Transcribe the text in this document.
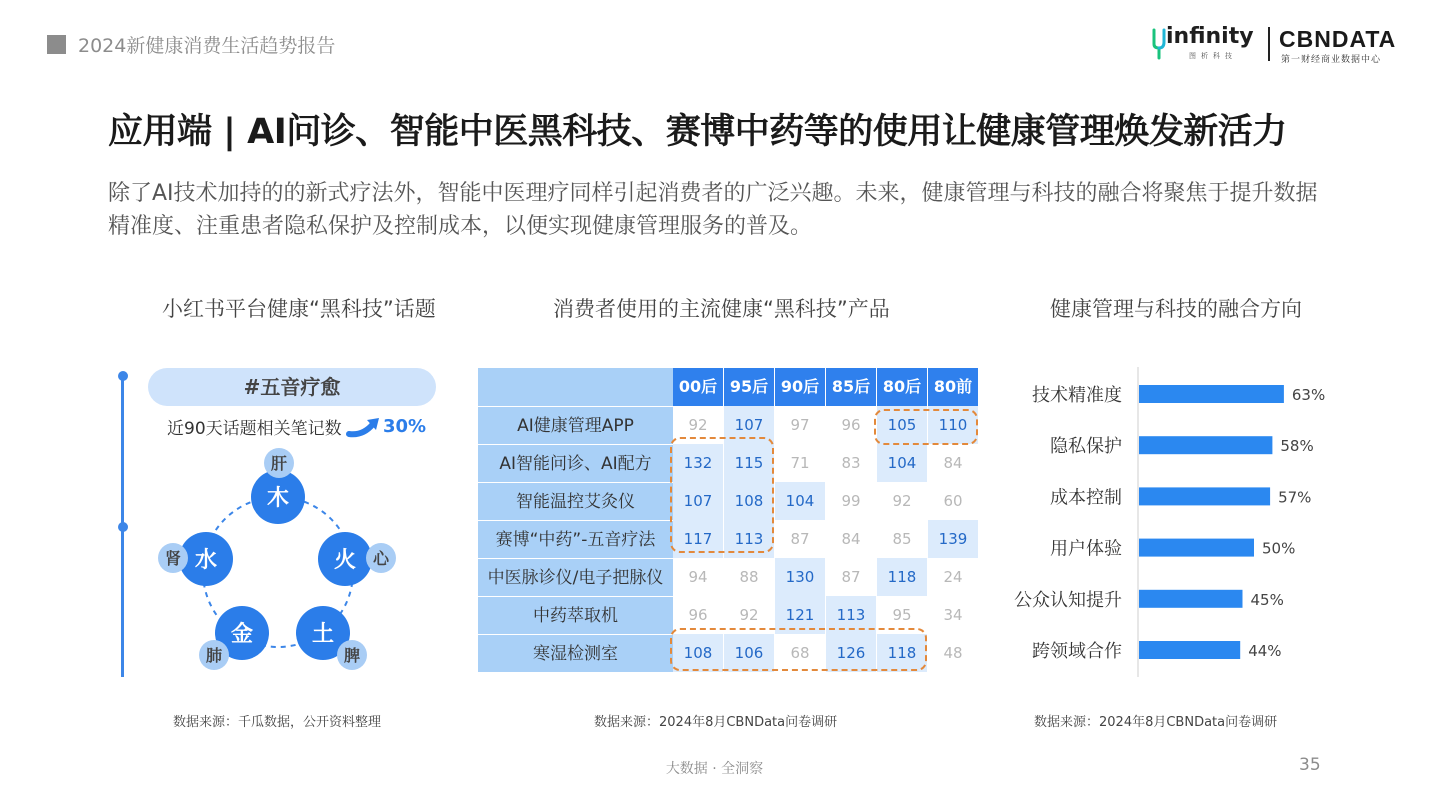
2024新健康消费生活趋势报告	infinity
图析科技
CBNDATA
第一财经商业数据中心
应用端 | AI问诊、智能中医黑科技、赛博中药等的使用让健康管理焕发新活力
除了AI技术加持的的新式疗法外，智能中医理疗同样引起消费者的广泛兴趣。未来，健康管理与科技的融合将聚焦于提升数据精准度、注重患者隐私保护及控制成本，以便实现健康管理服务的普及。
小红书平台健康“黑科技”话题	消费者使用的主流健康“黑科技”产品	健康管理与科技的融合方向
#五音疗愈
近90天话题相关笔记数 30%
木
肝
火 心
土
脾
金
肺
水
肾
00后 95后 90后 85后 80后 80前
AI健康管理APP	92	107	97	96	105	110
AI智能问诊、AI配方	132	115	71	83	104	84
智能温控艾灸仪	107	108	104	99	92	60
赛博“中药”-五音疗法	117	113	87	84	85	139
中医脉诊仪/电子把脉仪	94	88	130	87	118	24
中药萃取机	96	92	121	113	95	34
寒湿检测室	108	106	68	126	118	48
技术精准度	63%
隐私保护	58%
成本控制	57%
用户体验	50%
公众认知提升	45%
跨领域合作	44%
数据来源：千瓜数据，公开资料整理	数据来源：2024年8月CBNData问卷调研	数据来源：2024年8月CBNData问卷调研
大数据 · 全洞察	35
